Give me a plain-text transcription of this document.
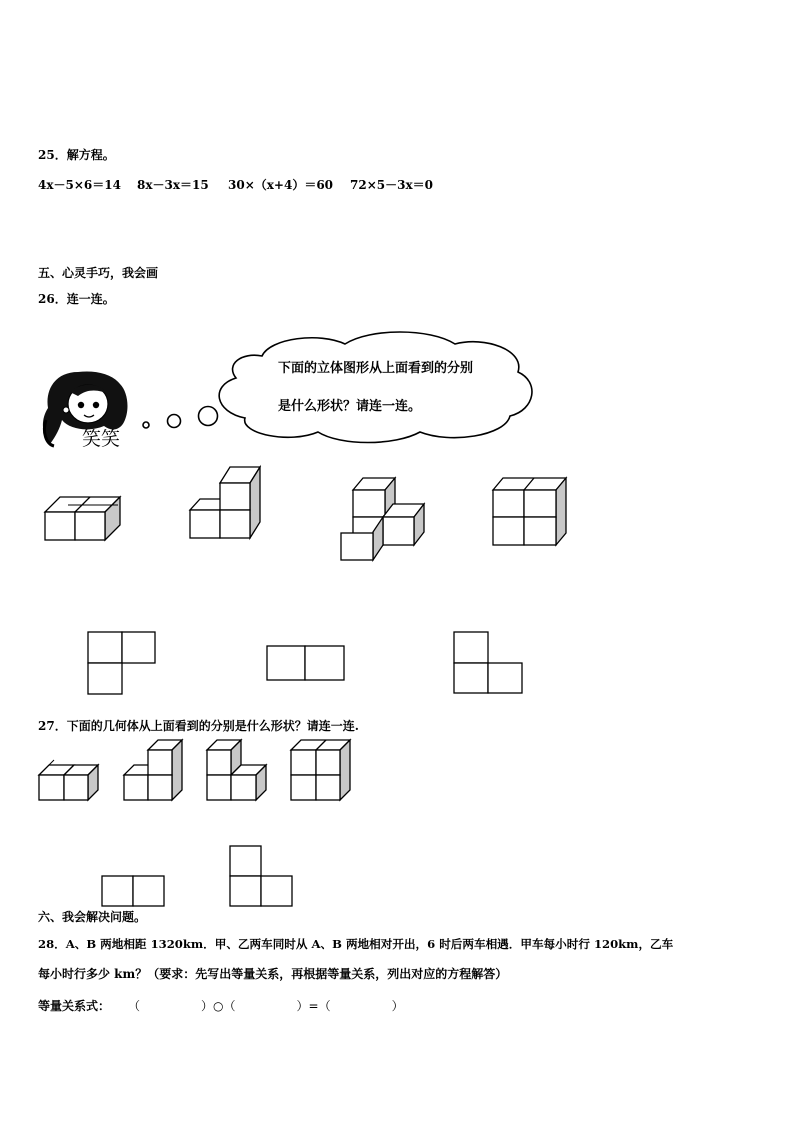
25．解方程。
4x－5×6＝14 8x－3x＝15 30×（x+4）＝60 72×5－3x＝0
五、心灵手巧，我会画
26．连一连。
下面的立体图形从上面看到的分别
是什么形状？请连一连。
笑笑
27．下面的几何体从上面看到的分别是什么形状？请连一连.
六、我会解决问题。
28．A、B 两地相距 1320km．甲、乙两车同时从 A、B 两地相对开出，6 时后两车相遇．甲车每小时行 120km，乙车
每小时行多少 km？（要求：先写出等量关系，再根据等量关系，列出对应的方程解答）
等量关系式： （                ）○（                ）=（                ）
